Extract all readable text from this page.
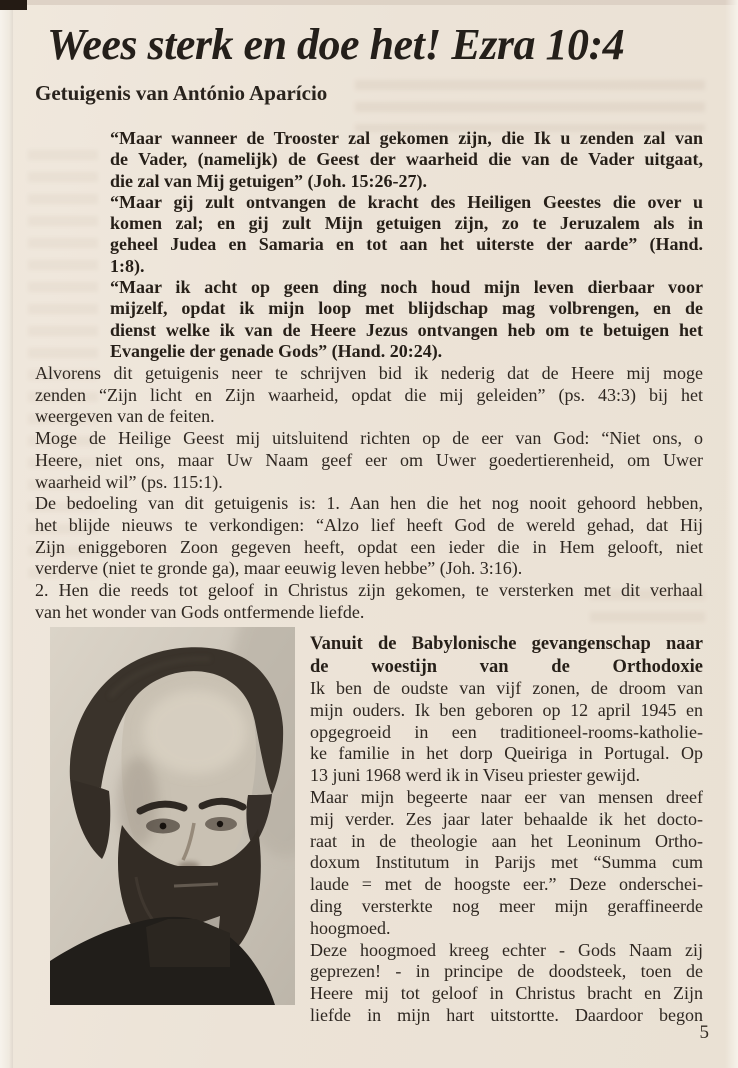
Wees sterk en doe het! Ezra 10:4
Getuigenis van António Aparício
“Maar wanneer de Trooster zal gekomen zijn, die Ik u zenden zal van
de Vader, (namelijk) de Geest der waarheid die van de Vader uitgaat,
die zal van Mij getuigen” (Joh. 15:26-27).
“Maar gij zult ontvangen de kracht des Heiligen Geestes die over u
komen zal; en gij zult Mijn getuigen zijn, zo te Jeruzalem als in
geheel Judea en Samaria en tot aan het uiterste der aarde” (Hand.
1:8).
“Maar ik acht op geen ding noch houd mijn leven dierbaar voor
mijzelf, opdat ik mijn loop met blijdschap mag volbrengen, en de
dienst welke ik van de Heere Jezus ontvangen heb om te betuigen het
Evangelie der genade Gods” (Hand. 20:24).
Alvorens dit getuigenis neer te schrijven bid ik nederig dat de Heere mij moge
zenden “Zijn licht en Zijn waarheid, opdat die mij geleiden” (ps. 43:3) bij het
weergeven van de feiten.
Moge de Heilige Geest mij uitsluitend richten op de eer van God: “Niet ons, o
Heere, niet ons, maar Uw Naam geef eer om Uwer goedertierenheid, om Uwer
waarheid wil” (ps. 115:1).
De bedoeling van dit getuigenis is: 1. Aan hen die het nog nooit gehoord hebben,
het blijde nieuws te verkondigen: “Alzo lief heeft God de wereld gehad, dat Hij
Zijn eniggeboren Zoon gegeven heeft, opdat een ieder die in Hem gelooft, niet
verderve (niet te gronde ga), maar eeuwig leven hebbe” (Joh. 3:16).
2. Hen die reeds tot geloof in Christus zijn gekomen, te versterken met dit verhaal
van het wonder van Gods ontfermende liefde.
Vanuit de Babylonische gevangenschap naar
de woestijn van de Orthodoxie
Ik ben de oudste van vijf zonen, de droom van
mijn ouders. Ik ben geboren op 12 april 1945 en
opgegroeid in een traditioneel-rooms-katholie-
ke familie in het dorp Queiriga in Portugal. Op
13 juni 1968 werd ik in Viseu priester gewijd.
Maar mijn begeerte naar eer van mensen dreef
mij verder. Zes jaar later behaalde ik het docto-
raat in de theologie aan het Leoninum Ortho-
doxum Institutum in Parijs met “Summa cum
laude = met de hoogste eer.” Deze onderschei-
ding versterkte nog meer mijn geraffineerde
hoogmoed.
Deze hoogmoed kreeg echter - Gods Naam zij
geprezen! - in principe de doodsteek, toen de
Heere mij tot geloof in Christus bracht en Zijn
liefde in mijn hart uitstortte. Daardoor begon
5
